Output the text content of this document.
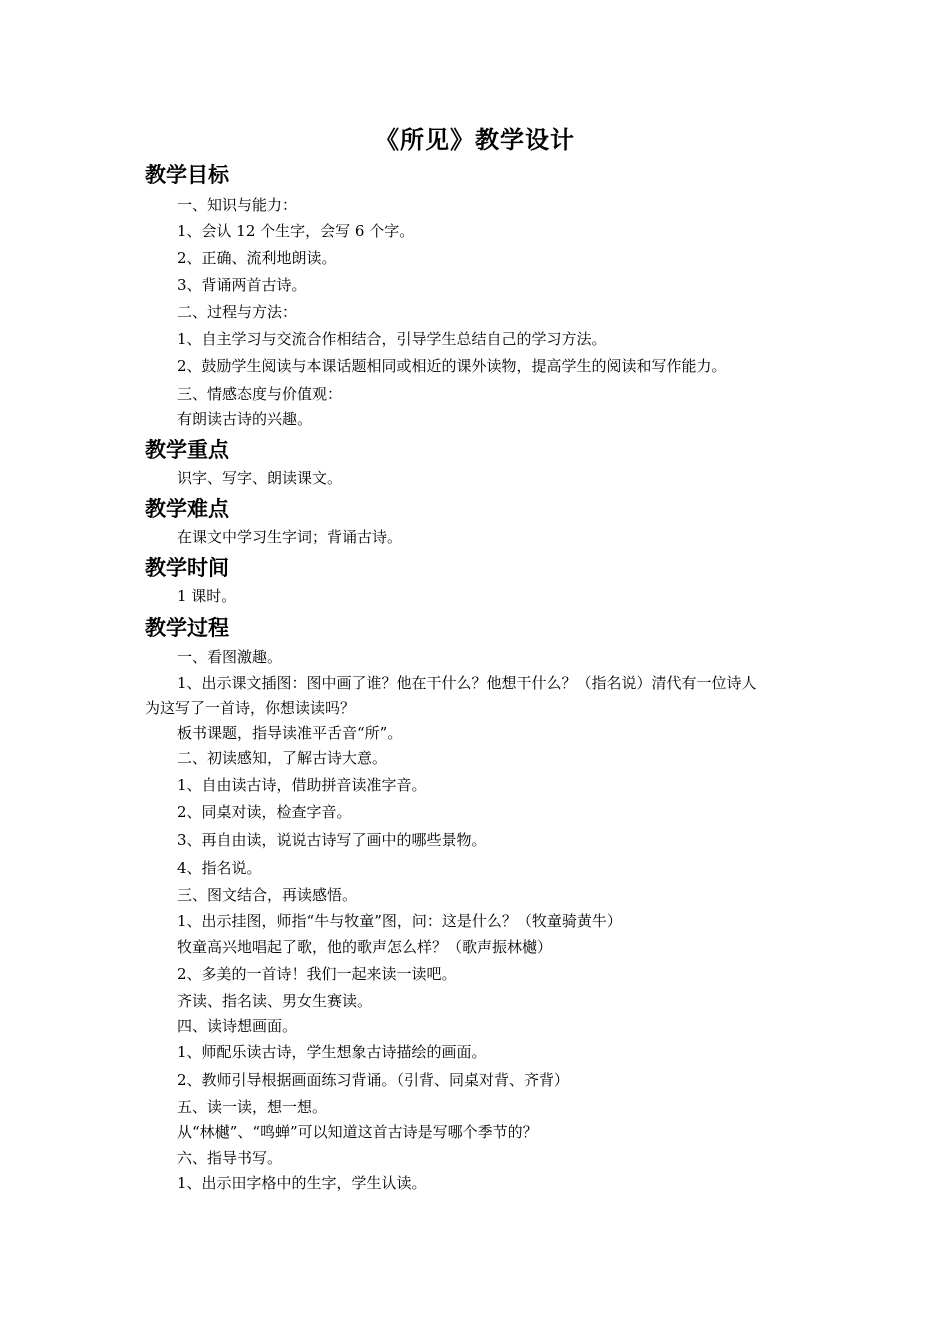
《所见》教学设计
教学目标
一、知识与能力：
1、会认 12 个生字，会写 6 个字。
2、正确、流利地朗读。
3、背诵两首古诗。
二、过程与方法：
1、自主学习与交流合作相结合，引导学生总结自己的学习方法。
2、鼓励学生阅读与本课话题相同或相近的课外读物，提高学生的阅读和写作能力。
三、情感态度与价值观：
有朗读古诗的兴趣。
教学重点
识字、写字、朗读课文。
教学难点
在课文中学习生字词；背诵古诗。
教学时间
1 课时。
教学过程
一、看图激趣。
1、出示课文插图：图中画了谁？他在干什么？他想干什么？（指名说）清代有一位诗人
为这写了一首诗，你想读读吗？
板书课题，指导读准平舌音“所”。
二、初读感知，了解古诗大意。
1、自由读古诗，借助拼音读准字音。
2、同桌对读，检查字音。
3、再自由读，说说古诗写了画中的哪些景物。
4、指名说。
三、图文结合，再读感悟。
1、出示挂图，师指“牛与牧童”图，问：这是什么？（牧童骑黄牛）
牧童高兴地唱起了歌，他的歌声怎么样？（歌声振林樾）
2、多美的一首诗！我们一起来读一读吧。
齐读、指名读、男女生赛读。
四、读诗想画面。
1、师配乐读古诗，学生想象古诗描绘的画面。
2、教师引导根据画面练习背诵。（引背、同桌对背、齐背）
五、读一读，想一想。
从“林樾”、“鸣蝉”可以知道这首古诗是写哪个季节的？
六、指导书写。
1、出示田字格中的生字，学生认读。
